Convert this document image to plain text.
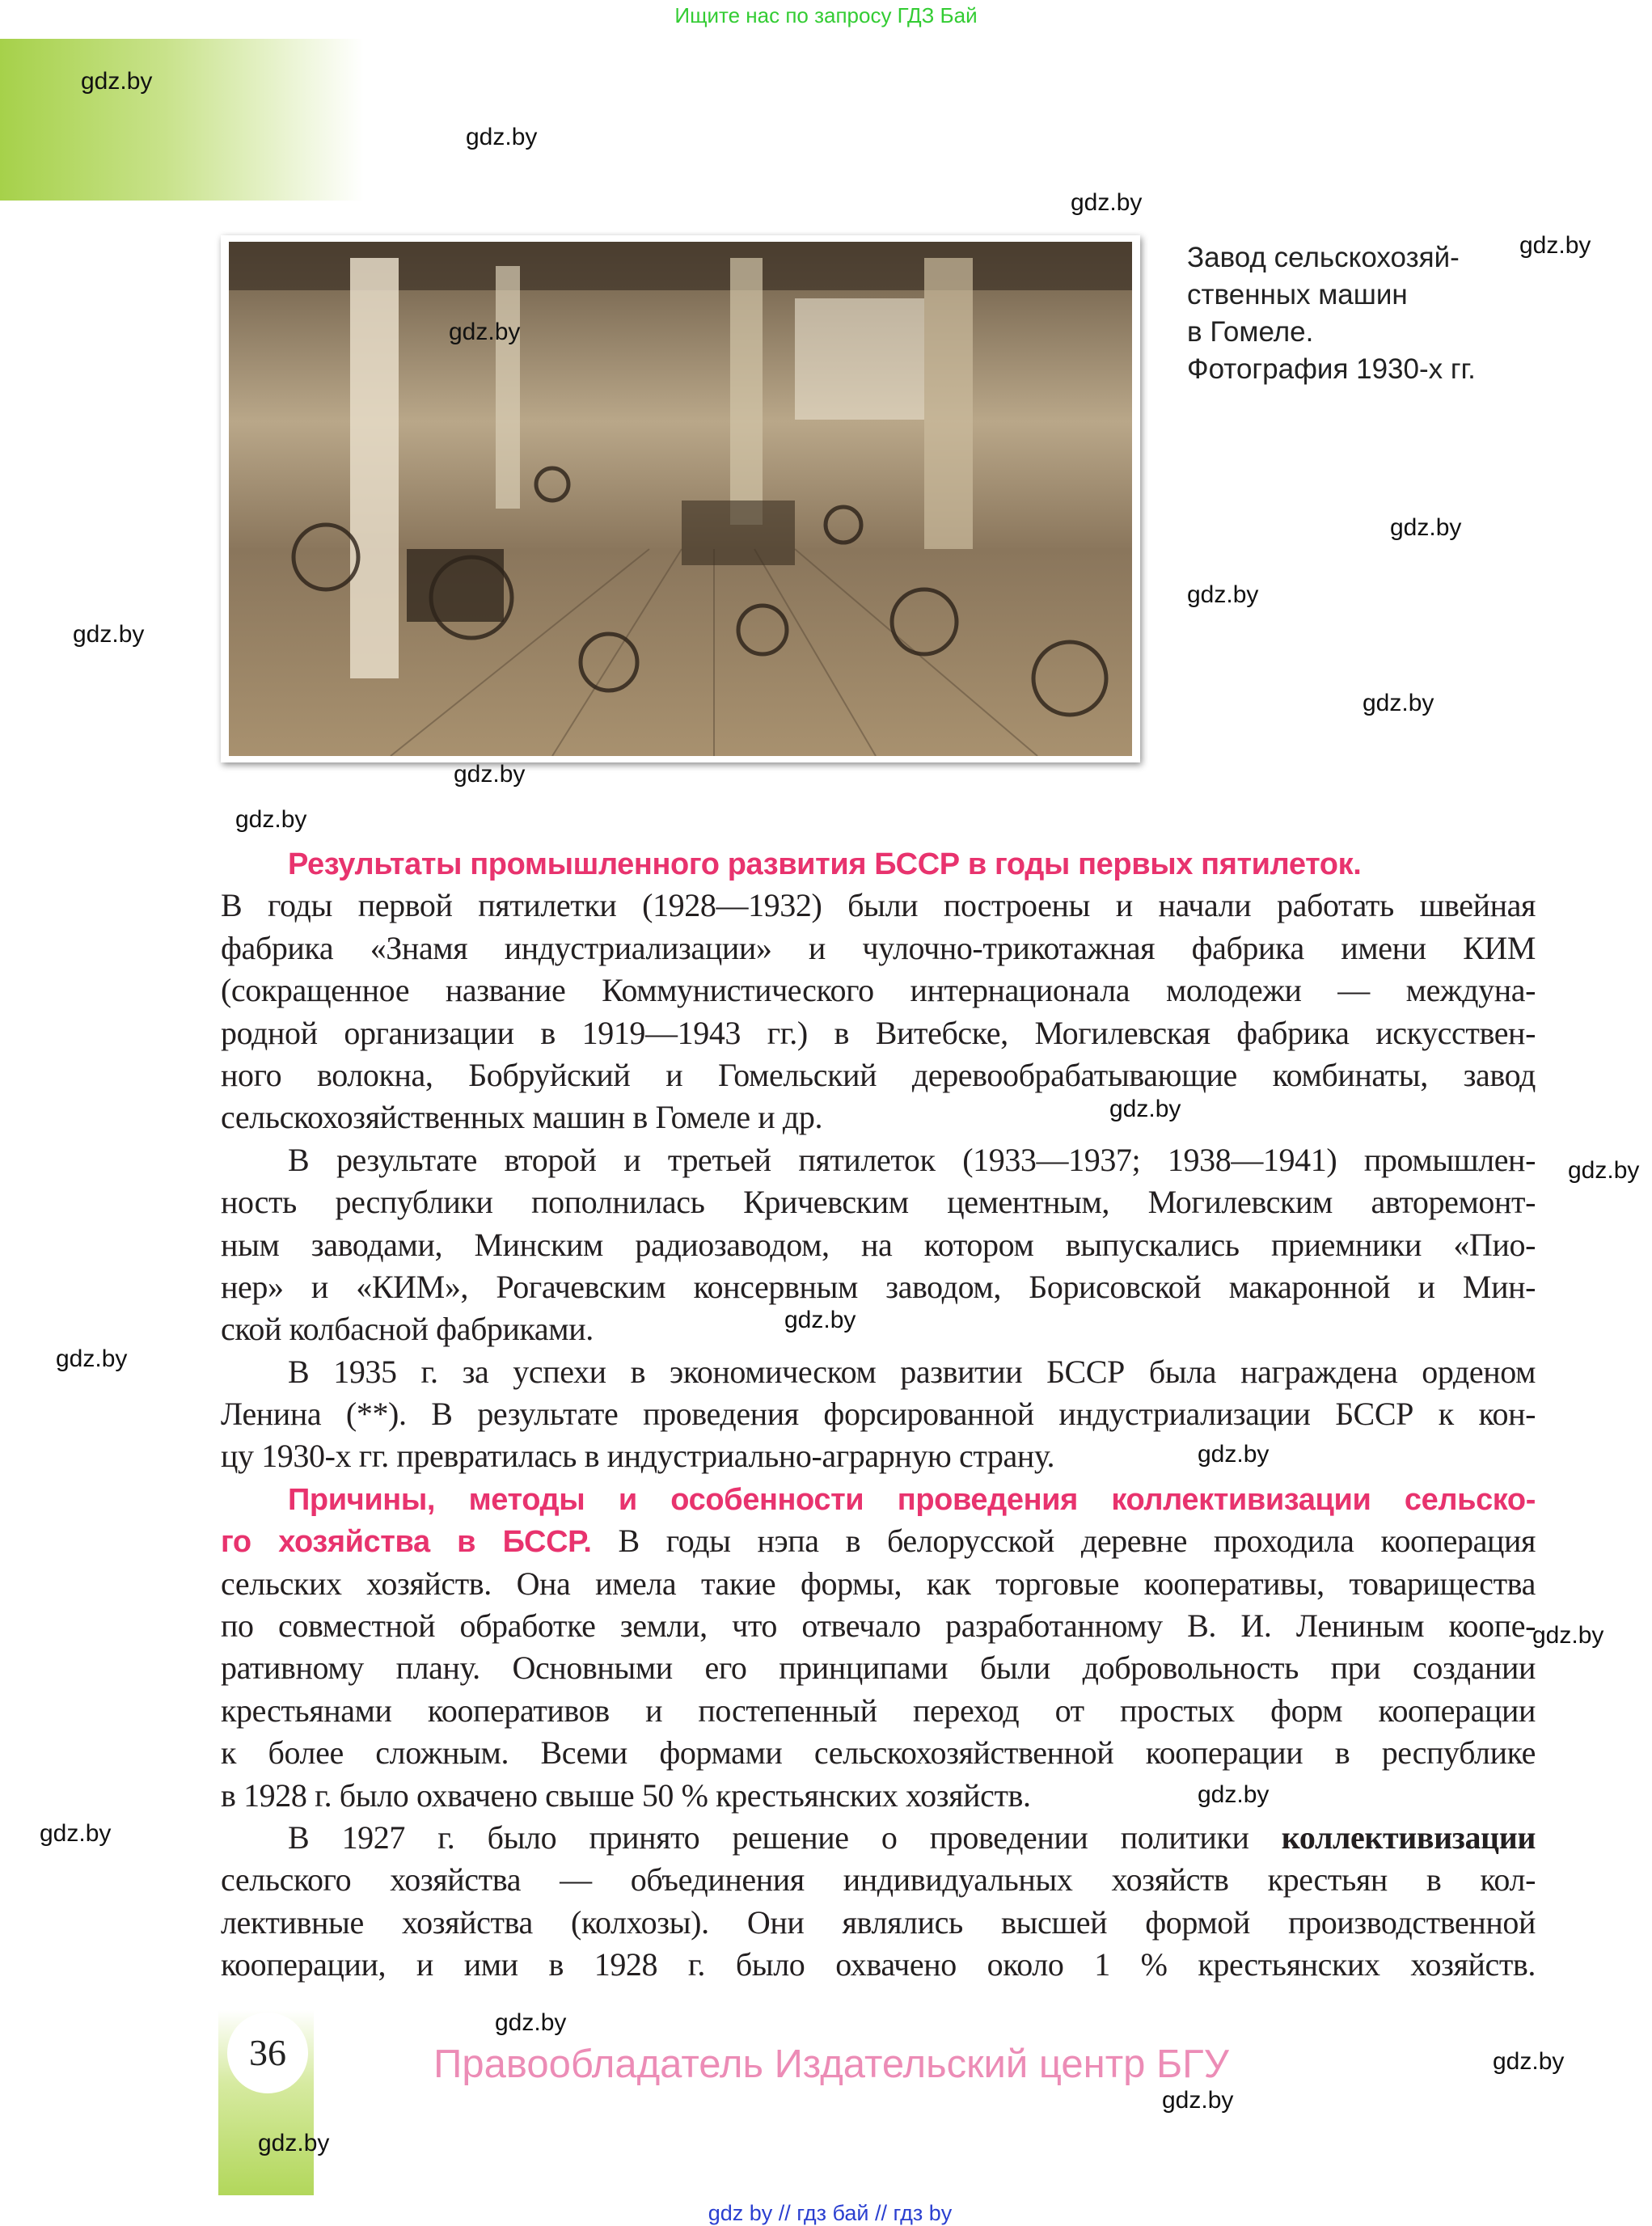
Ищите нас по запросу ГДЗ Бай
Завод сельскохозяй-
ственных машин
в Гомеле.
Фотография 1930-х гг.
Результаты промышленного развития БССР в годы первых пятилеток.
В годы первой пятилетки (1928—1932) были построены и начали работать швейная
фабрика «Знамя индустриализации» и чулочно-трикотажная фабрика имени КИМ
(сокращенное название Коммунистического интернационала молодежи — междуна-
родной организации в 1919—1943 гг.) в Витебске, Могилевская фабрика искусствен-
ного волокна, Бобруйский и Гомельский деревообрабатывающие комбинаты, завод
сельскохозяйственных машин в Гомеле и др.
В результате второй и третьей пятилеток (1933—1937; 1938—1941) промышлен-
ность республики пополнилась Кричевским цементным, Могилевским авторемонт-
ным заводами, Минским радиозаводом, на котором выпускались приемники «Пио-
нер» и «КИМ», Рогачевским консервным заводом, Борисовской макаронной и Мин-
ской колбасной фабриками.
В 1935 г. за успехи в экономическом развитии БССР была награждена орденом
Ленина (**). В результате проведения форсированной индустриализации БССР к кон-
цу 1930-х гг. превратилась в индустриально-аграрную страну.
Причины, методы и особенности проведения коллективизации сельско-
го хозяйства в БССР. В годы нэпа в белорусской деревне проходила кооперация
сельских хозяйств. Она имела такие формы, как торговые кооперативы, товарищества
по совместной обработке земли, что отвечало разработанному В. И. Лениным коопе-
ративному плану. Основными его принципами были добровольность при создании
крестьянами кооперативов и постепенный переход от простых форм кооперации
к более сложным. Всеми формами сельскохозяйственной кооперации в республике
в 1928 г. было охвачено свыше 50 % крестьянских хозяйств.
В 1927 г. было принято решение о проведении политики коллективизации
сельского хозяйства — объединения индивидуальных хозяйств крестьян в кол-
лективные хозяйства (колхозы). Они являлись высшей формой производственной
кооперации, и ими в 1928 г. было охвачено около 1 % крестьянских хозяйств.
36	Правообладатель Издательский центр БГУ
gdz by // гдз бай // гдз by
gdz.by
gdz.by
gdz.by
gdz.by
gdz.by
gdz.by
gdz.by
gdz.by
gdz.by
gdz.by
gdz.by
gdz.by
gdz.by
gdz.by
gdz.by
gdz.by
gdz.by
gdz.by
gdz.by
gdz.by
gdz.by
gdz.by
gdz.by
